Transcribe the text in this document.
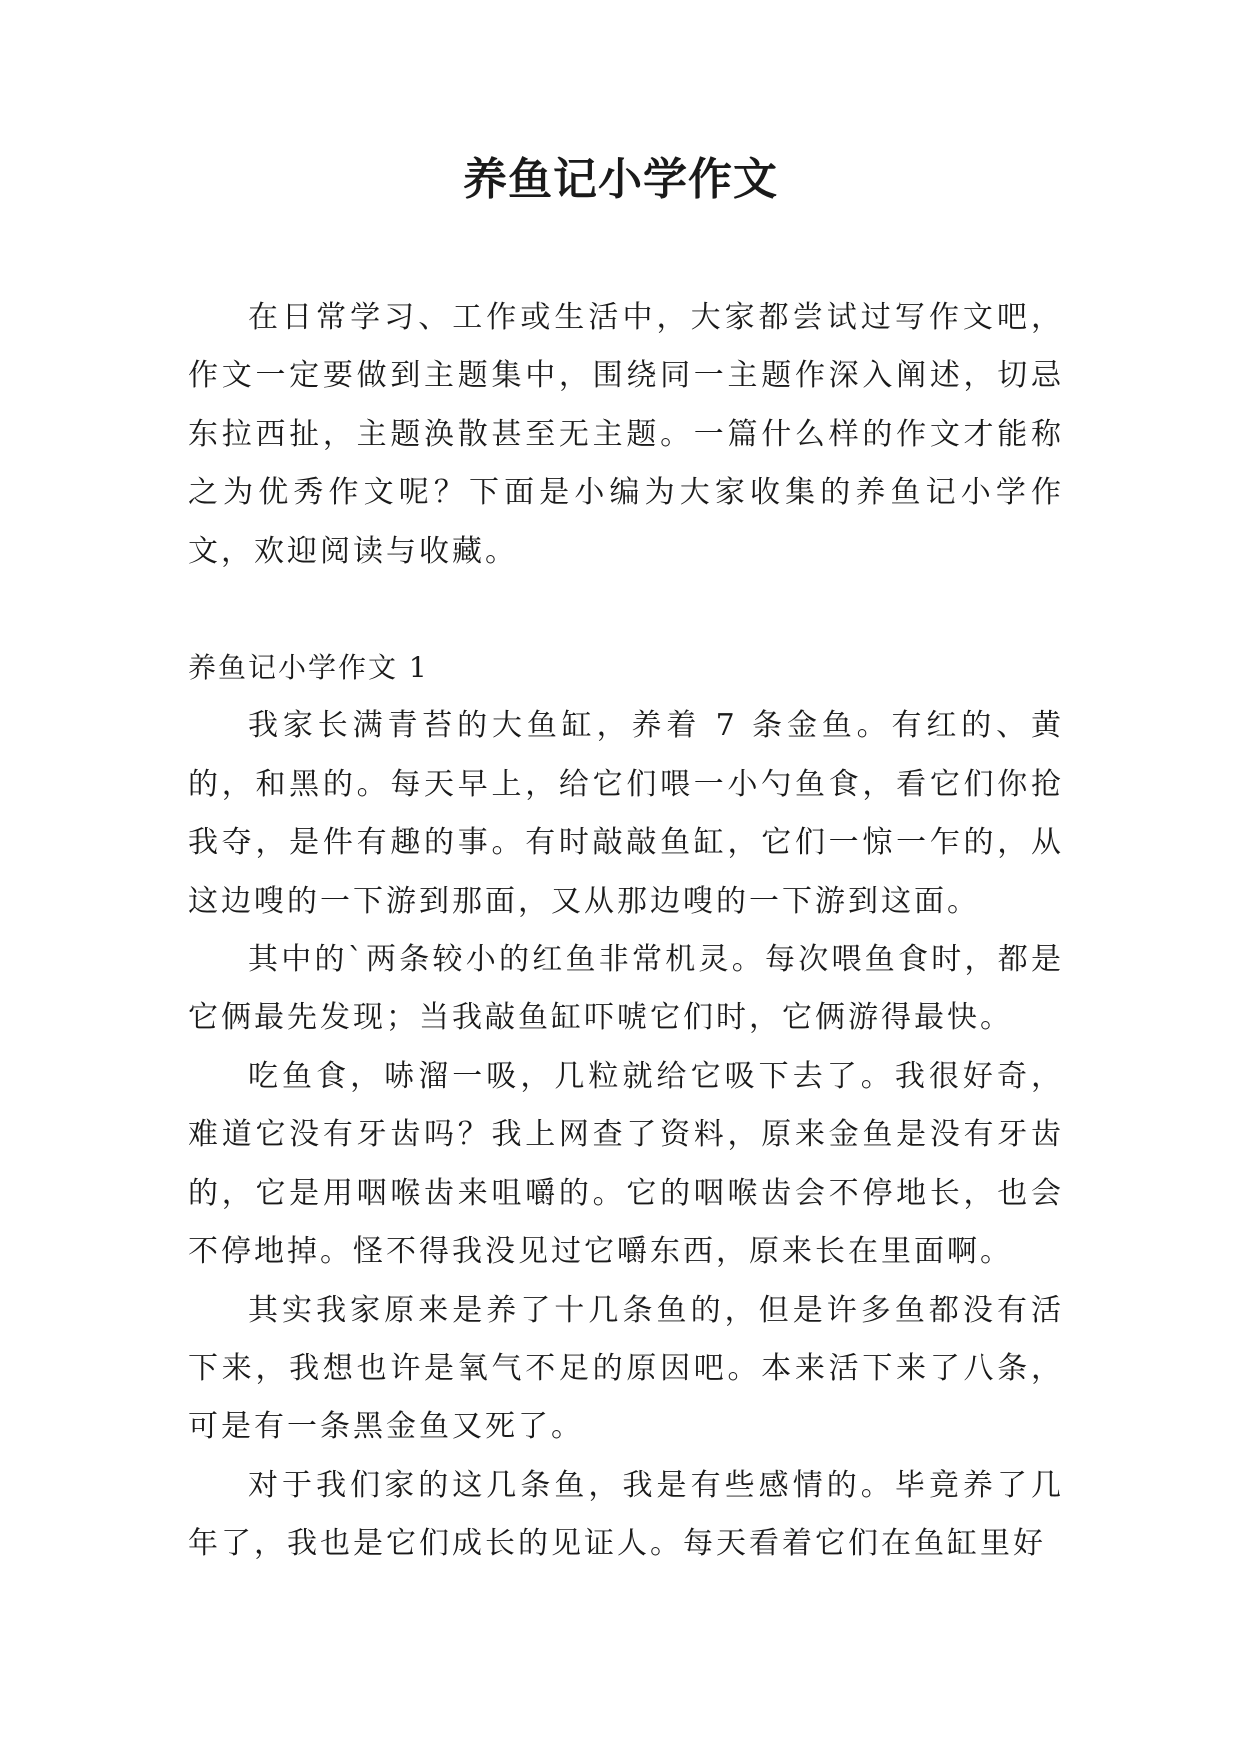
养鱼记小学作文

在日常学习、工作或生活中，大家都尝试过写作文吧，作文一定要做到主题集中，围绕同一主题作深入阐述，切忌东拉西扯，主题涣散甚至无主题。一篇什么样的作文才能称之为优秀作文呢？下面是小编为大家收集的养鱼记小学作文，欢迎阅读与收藏。

养鱼记小学作文 1

我家长满青苔的大鱼缸，养着 7 条金鱼。有红的、黄的，和黑的。每天早上，给它们喂一小勺鱼食，看它们你抢我夺，是件有趣的事。有时敲敲鱼缸，它们一惊一乍的，从这边嗖的一下游到那面，又从那边嗖的一下游到这面。

其中的`两条较小的红鱼非常机灵。每次喂鱼食时，都是它俩最先发现；当我敲鱼缸吓唬它们时，它俩游得最快。

吃鱼食，哧溜一吸，几粒就给它吸下去了。我很好奇，难道它没有牙齿吗？我上网查了资料，原来金鱼是没有牙齿的，它是用咽喉齿来咀嚼的。它的咽喉齿会不停地长，也会不停地掉。怪不得我没见过它嚼东西，原来长在里面啊。

其实我家原来是养了十几条鱼的，但是许多鱼都没有活下来，我想也许是氧气不足的原因吧。本来活下来了八条，可是有一条黑金鱼又死了。

对于我们家的这几条鱼，我是有些感情的。毕竟养了几年了，我也是它们成长的见证人。每天看着它们在鱼缸里好
